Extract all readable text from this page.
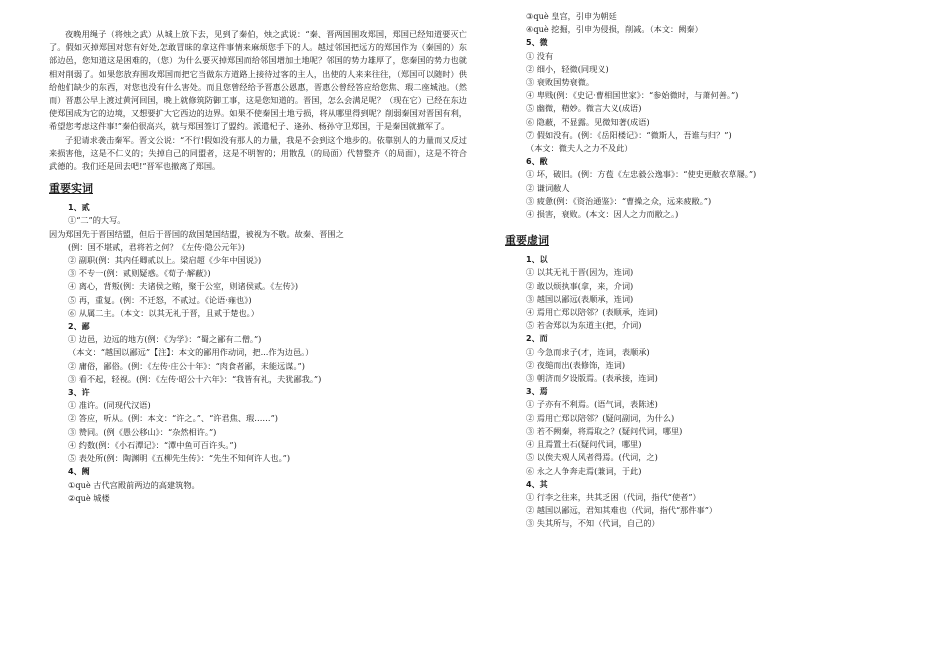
夜晚用绳子（将烛之武）从城上放下去，见到了秦伯，烛之武说：“秦、晋两国围攻郑国，郑国已经知道要灭亡了。假如灭掉郑国对您有好处,怎敢冒昧的拿这件事情来麻烦您手下的人。越过邻国把远方的郑国作为（秦国的）东部边邑，您知道这是困难的，（您）为什么要灭掉郑国而给邻国增加土地呢？邻国的势力雄厚了，您秦国的势力也就相对削弱了。如果您放弃围攻郑国而把它当做东方道路上接待过客的主人，出使的人来来往往，（郑国可以随时）供给他们缺少的东西，对您也没有什么害处。而且您曾经给予晋惠公恩惠，晋惠公曾经答应给您焦、瑕二座城池。（然而）晋惠公早上渡过黄河回国，晚上就修筑防御工事，这是您知道的。晋国，怎么会满足呢？（现在它）已经在东边使郑国成为它的边境，又想要扩大它西边的边界。如果不使秦国土地亏损，将从哪里得到呢？削弱秦国对晋国有利，希望您考虑这件事!”秦伯很高兴，就与郑国签订了盟约。派遣杞子、逢孙、杨孙守卫郑国，于是秦国就撤军了。

子犯请求袭击秦军。晋文公说：“不行!假如没有那人的力量，我是不会到这个地步的。依靠别人的力量而又反过来损害他，这是不仁义的；失掉自己的同盟者，这是不明智的；用散乱（的局面）代替整齐（的局面），这是不符合武德的。我们还是回去吧!”晋军也撤离了郑国。

重要实词
1、贰
①“二”的大写。
因为郑国先于晋国结盟，但后于晋国的敌国楚国结盟，被视为不敬。故秦、晋围之
(例：国不堪贰，君将若之何？《左传·隐公元年》)
② 副职(例：其内任卿贰以上。梁启超《少年中国说》)
③ 不专一(例：贰则疑惑。《荀子·解蔽》)
④ 离心，背叛(例：夫诸侯之贿，聚于公室，则诸侯贰。《左传》)
⑤ 再，重复。(例：不迁怒，不贰过。《论语·雍也》)
⑥ 从属二主。（本文：以其无礼于晋，且贰于楚也。）
2、鄙
① 边邑，边远的地方(例：《为学》：“蜀之鄙有二僧。”)
（本文：“越国以鄙远”【注】：本文的鄙用作动词，把...作为边邑。）
② 庸俗，鄙俗。(例：《左传·庄公十年》：“肉食者鄙，未能远谋。”)
③ 看不起，轻视。(例：《左传·昭公十六年》：“我皆有礼，夫犹鄙我。”)
3、许
① 准许。(同现代汉语)
② 答应，听从。(例：本文：“许之。”、“许君焦、瑕……”)
③ 赞同。(例《愚公移山》：“杂然相许。”)
④ 约数(例：《小石潭记》：“潭中鱼可百许头。”)
⑤ 表处所(例：陶渊明《五柳先生传》：“先生不知何许人也。”)
4、阙
①què 古代宫殿前两边的高建筑物。
②què 城楼
③què 皇宫，引申为朝廷
④què 挖掘，引申为侵损，削减。（本文：阙秦）
5、微
① 没有
② 细小，轻微(同现义)
③ 衰败国势衰微。
④ 卑贱(例：《史记·曹相国世家》：“参始微时，与萧何善。”)
⑤ 幽微，精妙。微言大义(成语)
⑥ 隐蔽，不显露。见微知著(成语)
⑦ 假如没有。(例：《岳阳楼记》：“微斯人，吾谁与归？”)
（本文：微夫人之力不及此）
6、敝
① 坏，破旧。(例：方苞《左忠毅公逸事》：“使史更敝衣草屦。”)
② 谦词敝人
③ 疲惫(例：《资治通鉴》：“曹操之众，远来疲敝。”)
④ 损害，衰败。(本文：因人之力而敝之。)
重要虚词
1、以
① 以其无礼于晋(因为，连词)
② 敢以烦执事(拿，来，介词)
③ 越国以鄙远(表顺承，连词)
④ 焉用亡郑以陪邻？(表顺承，连词)
⑤ 若舍郑以为东道主(把，介词)
2、而
① 今急而求子(才，连词，表顺承)
② 夜缒而出(表修饰，连词)
③ 朝济而夕设版焉。(表承接，连词)
3、焉
① 子亦有不利焉。(语气词，表陈述)
② 焉用亡郑以陪邻？(疑问副词，为什么)
③ 若不阙秦，将焉取之？(疑问代词，哪里)
④ 且焉置土石(疑问代词，哪里)
⑤ 以俟夫观人风者得焉。(代词，之)
⑥ 永之人争奔走焉(兼词，于此)
4、其
① 行李之往来，共其乏困（代词，指代“使者”）
② 越国以鄙远，君知其难也（代词，指代“那件事”）
③ 失其所与，不知（代词，自己的）
